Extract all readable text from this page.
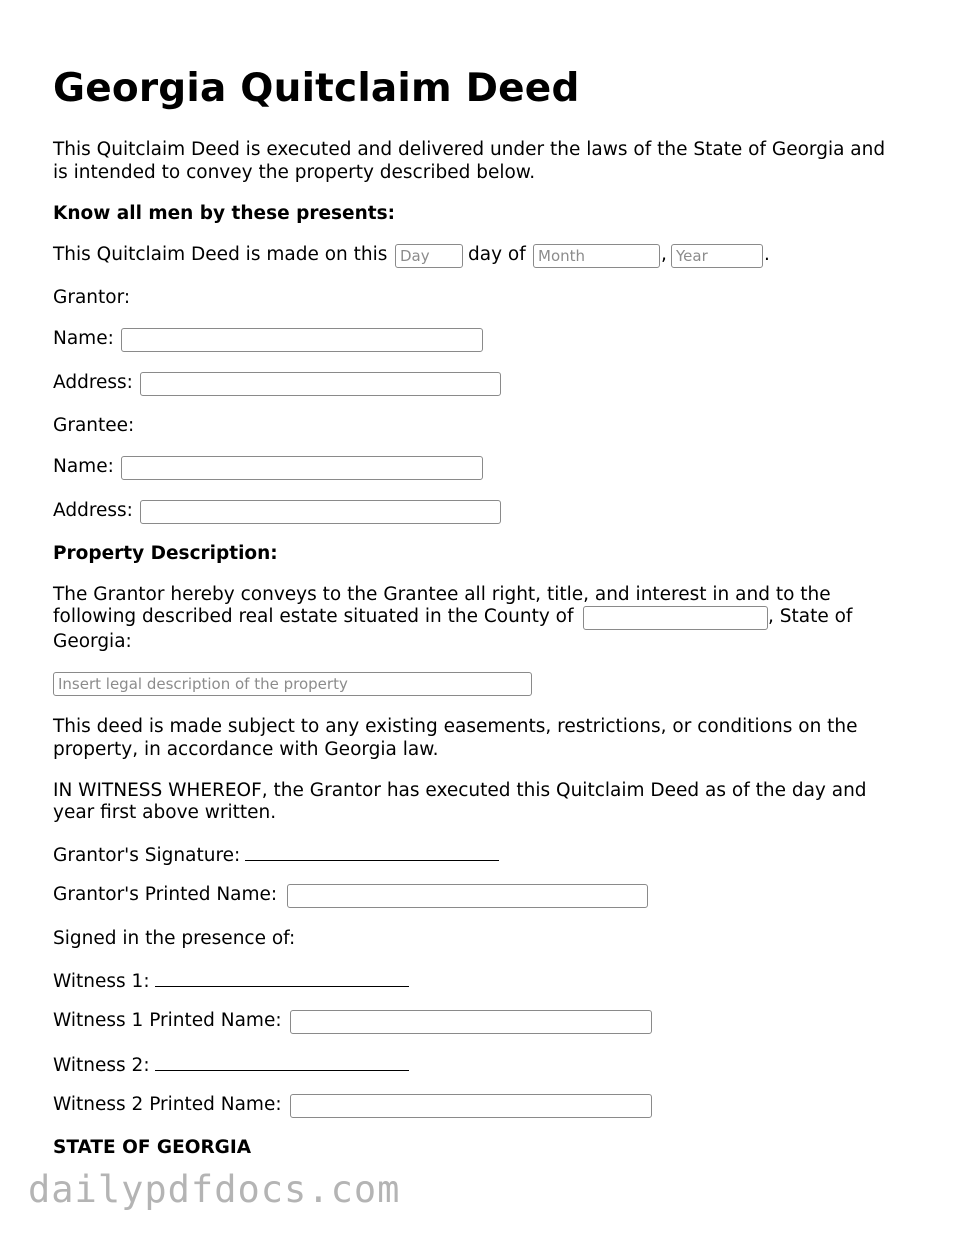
Georgia Quitclaim Deed
This Quitclaim Deed is executed and delivered under the laws of the State of Georgia and
is intended to convey the property described below.
Know all men by these presents:
This Quitclaim Deed is made on this
Day	day of
Month	,
Year	.
Grantor:
Name:
Address:
Grantee:
Name:
Address:
Property Description:
The Grantor hereby conveys to the Grantee all right, title, and interest in and to the
following described real estate situated in the County of	, State of
Georgia:
Insert legal description of the property
This deed is made subject to any existing easements, restrictions, or conditions on the
property, in accordance with Georgia law.
IN WITNESS WHEREOF, the Grantor has executed this Quitclaim Deed as of the day and
year first above written.
Grantor's Signature:
Grantor's Printed Name:
Signed in the presence of:
Witness 1:
Witness 1 Printed Name:
Witness 2:
Witness 2 Printed Name:
STATE OF GEORGIA
dailypdfdocs.com
